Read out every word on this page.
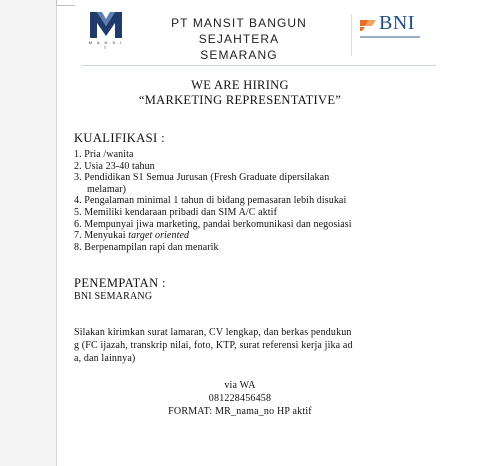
M A N S I T
PT MANSIT BANGUN SEJAHTERA
SEMARANG
BNI
WE ARE HIRING
“MARKETING REPRESENTATIVE”
KUALIFIKASI :
1. Pria /wanita
2. Usia 23-40 tahun
3. Pendidikan S1 Semua Jurusan (Fresh Graduate dipersilakan
melamar)
4. Pengalaman minimal 1 tahun di bidang pemasaran lebih disukai
5. Memiliki kendaraan pribadi dan SIM A/C aktif
6. Mempunyai jiwa marketing, pandai berkomunikasi dan negosiasi
7. Menyukai target oriented
8. Berpenampilan rapi dan menarik
PENEMPATAN :
BNI SEMARANG
Silakan kirimkan surat lamaran, CV lengkap, dan berkas pendukun
g (FC ijazah, transkrip nilai, foto, KTP, surat referensi kerja jika ad
a, dan lainnya)
via WA
081228456458
FORMAT: MR_nama_no HP aktif
